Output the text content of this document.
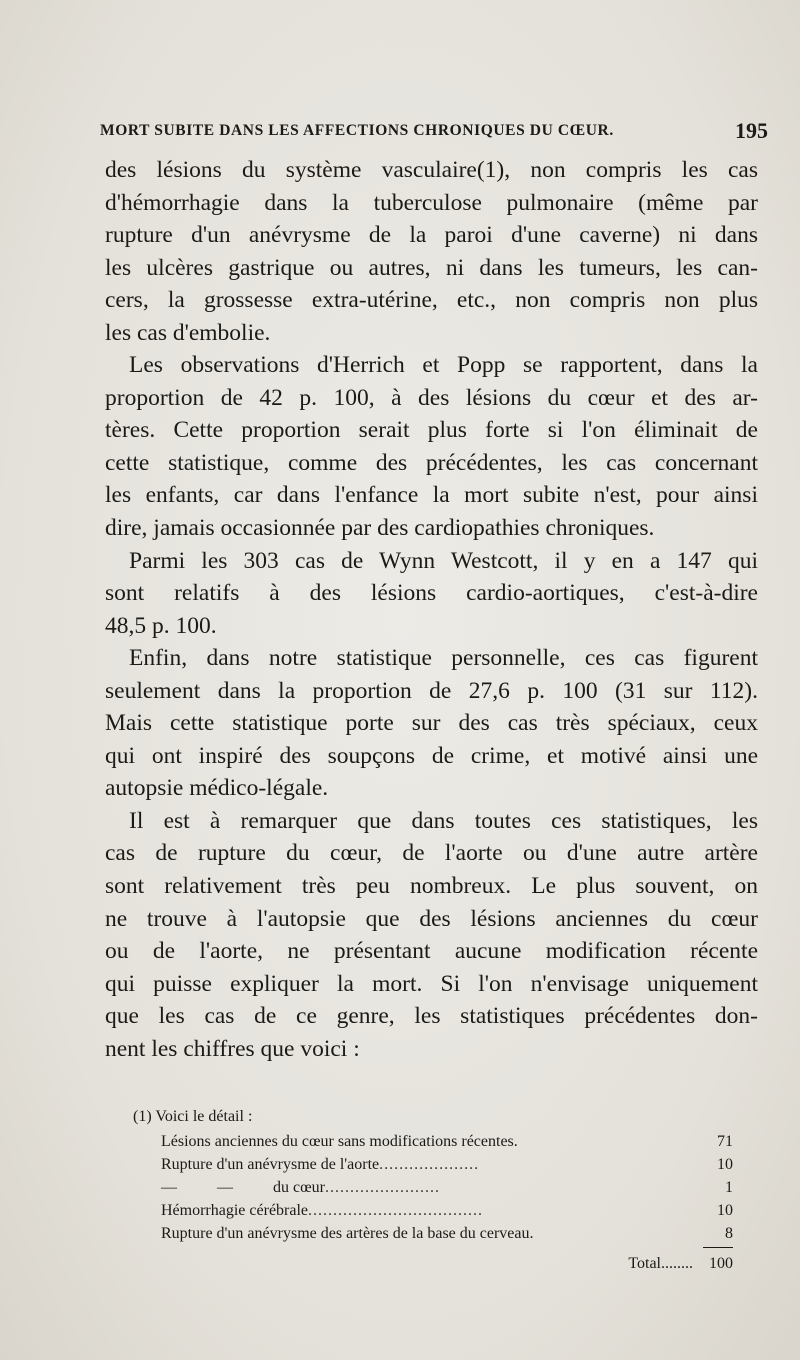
MORT SUBITE DANS LES AFFECTIONS CHRONIQUES DU CŒUR.	195
des lésions du système vasculaire(1), non compris les cas
d'hémorrhagie dans la tuberculose pulmonaire (même par
rupture d'un anévrysme de la paroi d'une caverne) ni dans
les ulcères gastrique ou autres, ni dans les tumeurs, les can-
cers, la grossesse extra-utérine, etc., non compris non plus
les cas d'embolie.
Les observations d'Herrich et Popp se rapportent, dans la
proportion de 42 p. 100, à des lésions du cœur et des ar-
tères. Cette proportion serait plus forte si l'on éliminait de
cette statistique, comme des précédentes, les cas concernant
les enfants, car dans l'enfance la mort subite n'est, pour ainsi
dire, jamais occasionnée par des cardiopathies chroniques.
Parmi les 303 cas de Wynn Westcott, il y en a 147 qui
sont relatifs à des lésions cardio-aortiques, c'est-à-dire
48,5 p. 100.
Enfin, dans notre statistique personnelle, ces cas figurent
seulement dans la proportion de 27,6 p. 100 (31 sur 112).
Mais cette statistique porte sur des cas très spéciaux, ceux
qui ont inspiré des soupçons de crime, et motivé ainsi une
autopsie médico-légale.
Il est à remarquer que dans toutes ces statistiques, les
cas de rupture du cœur, de l'aorte ou d'une autre artère
sont relativement très peu nombreux. Le plus souvent, on
ne trouve à l'autopsie que des lésions anciennes du cœur
ou de l'aorte, ne présentant aucune modification récente
qui puisse expliquer la mort. Si l'on n'envisage uniquement
que les cas de ce genre, les statistiques précédentes don-
nent les chiffres que voici :
(1) Voici le détail :
Lésions anciennes du cœur sans modifications récentes.	71
Rupture d'un anévrysme de l'aorte....................	10
—          —          du cœur.......................	1
Hémorrhagie cérébrale...................................	10
Rupture d'un anévrysme des artères de la base du cerveau.	8
Total........ 100
